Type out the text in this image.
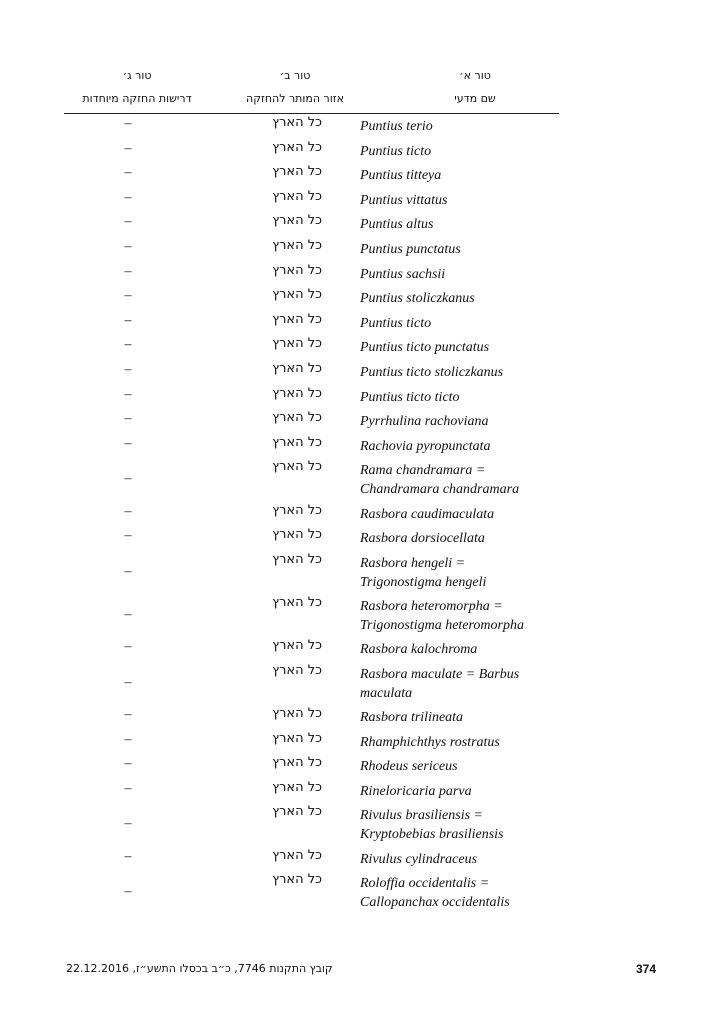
טור א׳
טור ב׳
טור ג׳
שם מדעי
אזור המותר להחזקה
דרישות החזקה מיוחדות
Puntius terio
כל הארץ
–
Puntius ticto
כל הארץ
–
Puntius titteya
כל הארץ
–
Puntius vittatus
כל הארץ
–
Puntius altus
כל הארץ
–
Puntius punctatus
כל הארץ
–
Puntius sachsii
כל הארץ
–
Puntius stoliczkanus
כל הארץ
–
Puntius ticto
כל הארץ
–
Puntius ticto punctatus
כל הארץ
–
Puntius ticto stoliczkanus
כל הארץ
–
Puntius ticto ticto
כל הארץ
–
Pyrrhulina rachoviana
כל הארץ
–
Rachovia pyropunctata
כל הארץ
–
Rama chandramara =
Chandramara chandramara
כל הארץ
–
Rasbora caudimaculata
כל הארץ
–
Rasbora dorsiocellata
כל הארץ
–
Rasbora hengeli =
Trigonostigma hengeli
כל הארץ
–
Rasbora heteromorpha =
Trigonostigma heteromorpha
כל הארץ
–
Rasbora kalochroma
כל הארץ
–
Rasbora maculate = Barbus
maculata
כל הארץ
–
Rasbora trilineata
כל הארץ
–
Rhamphichthys rostratus
כל הארץ
–
Rhodeus sericeus
כל הארץ
–
Rineloricaria parva
כל הארץ
–
Rivulus brasiliensis =
Kryptobebias brasiliensis
כל הארץ
–
Rivulus cylindraceus
כל הארץ
–
Roloffia occidentalis =
Callopanchax occidentalis
כל הארץ
–
374
קובץ התקנות 7746, כ״ב בכסלו התשע״ז, 22.12.2016
